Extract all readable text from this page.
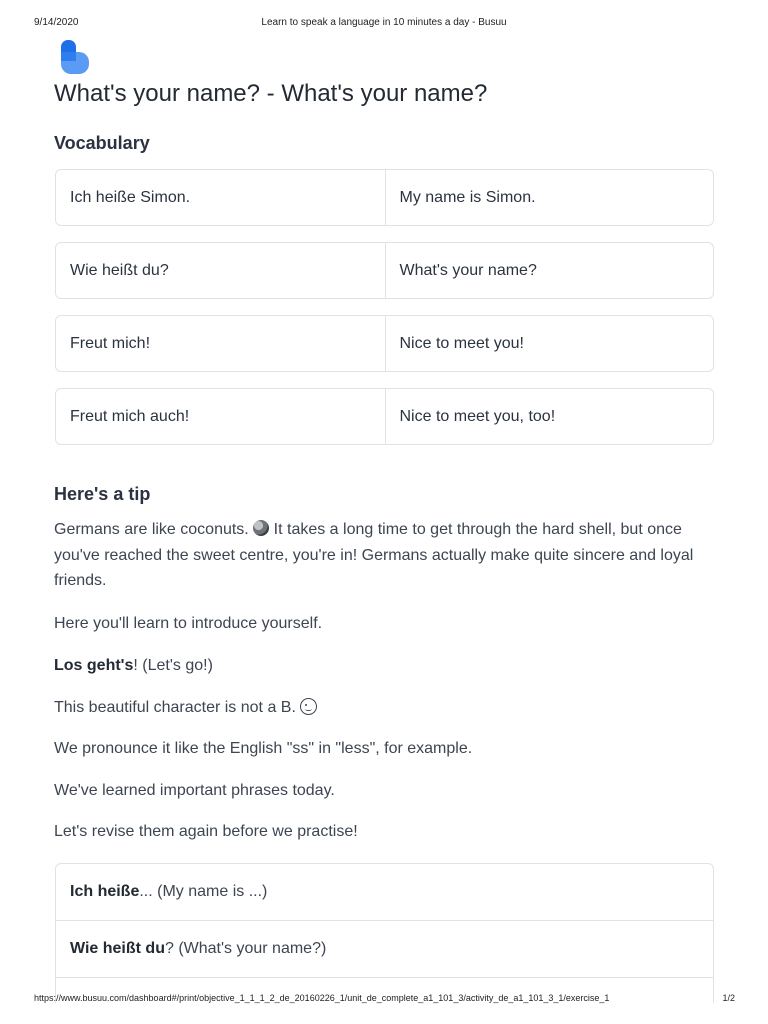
9/14/2020	Learn to speak a language in 10 minutes a day - Busuu
What's your name? - What's your name?
Vocabulary
Ich heiße Simon.	My name is Simon.
Wie heißt du?	What's your name?
Freut mich!	Nice to meet you!
Freut mich auch!	Nice to meet you, too!
Here's a tip

Germans are like coconuts. It takes a long time to get through the hard shell, but once you've reached the sweet centre, you're in! Germans actually make quite sincere and loyal friends.

Here you'll learn to introduce yourself.

Los geht's! (Let's go!)

This beautiful character is not a B.

We pronounce it like the English "ss" in "less", for example.

We've learned important phrases today.

Let's revise them again before we practise!

Ich heiße ... (My name is ...)
Wie heißt du ? (What's your name?)
https://www.busuu.com/dashboard#/print/objective_1_1_1_2_de_20160226_1/unit_de_complete_a1_101_3/activity_de_a1_101_3_1/exercise_1	1/2
